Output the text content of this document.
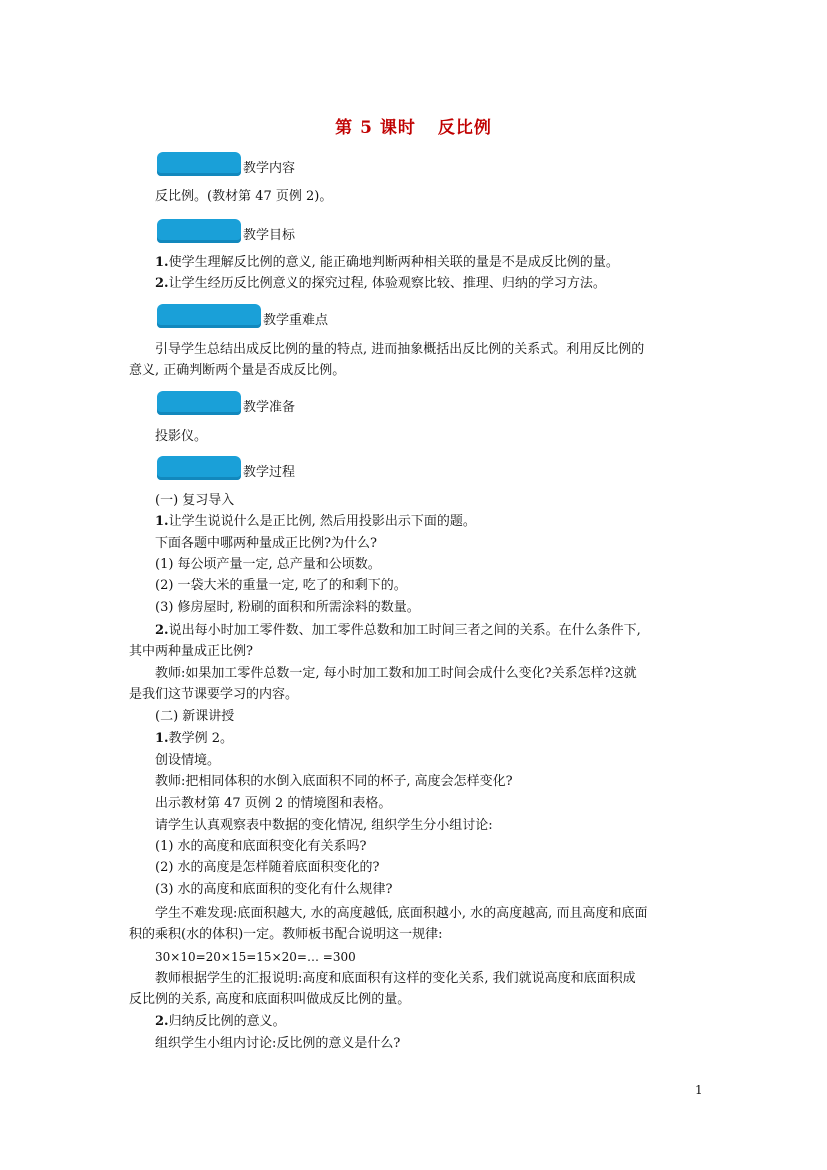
第 5 课时 反比例
教学内容
反比例。(教材第 47 页例 2)。
教学目标
1.使学生理解反比例的意义, 能正确地判断两种相关联的量是不是成反比例的量。
2.让学生经历反比例意义的探究过程, 体验观察比较、推理、归纳的学习方法。
教学重难点
引导学生总结出成反比例的量的特点, 进而抽象概括出反比例的关系式。利用反比例的
意义, 正确判断两个量是否成反比例。
教学准备
投影仪。
教学过程
(一) 复习导入
1.让学生说说什么是正比例, 然后用投影出示下面的题。
下面各题中哪两种量成正比例?为什么?
(1) 每公顷产量一定, 总产量和公顷数。
(2) 一袋大米的重量一定, 吃了的和剩下的。
(3) 修房屋时, 粉刷的面积和所需涂料的数量。
2.说出每小时加工零件数、加工零件总数和加工时间三者之间的关系。在什么条件下,
其中两种量成正比例?
教师:如果加工零件总数一定, 每小时加工数和加工时间会成什么变化?关系怎样?这就
是我们这节课要学习的内容。
(二) 新课讲授
1.教学例 2。
创设情境。
教师:把相同体积的水倒入底面积不同的杯子, 高度会怎样变化?
出示教材第 47 页例 2 的情境图和表格。
请学生认真观察表中数据的变化情况, 组织学生分小组讨论:
(1) 水的高度和底面积变化有关系吗?
(2) 水的高度是怎样随着底面积变化的?
(3) 水的高度和底面积的变化有什么规律?
学生不难发现:底面积越大, 水的高度越低, 底面积越小, 水的高度越高, 而且高度和底面
积的乘积(水的体积)一定。教师板书配合说明这一规律:
30×10=20×15=15×20=… =300
教师根据学生的汇报说明:高度和底面积有这样的变化关系, 我们就说高度和底面积成
反比例的关系, 高度和底面积叫做成反比例的量。
2.归纳反比例的意义。
组织学生小组内讨论:反比例的意义是什么?
1
